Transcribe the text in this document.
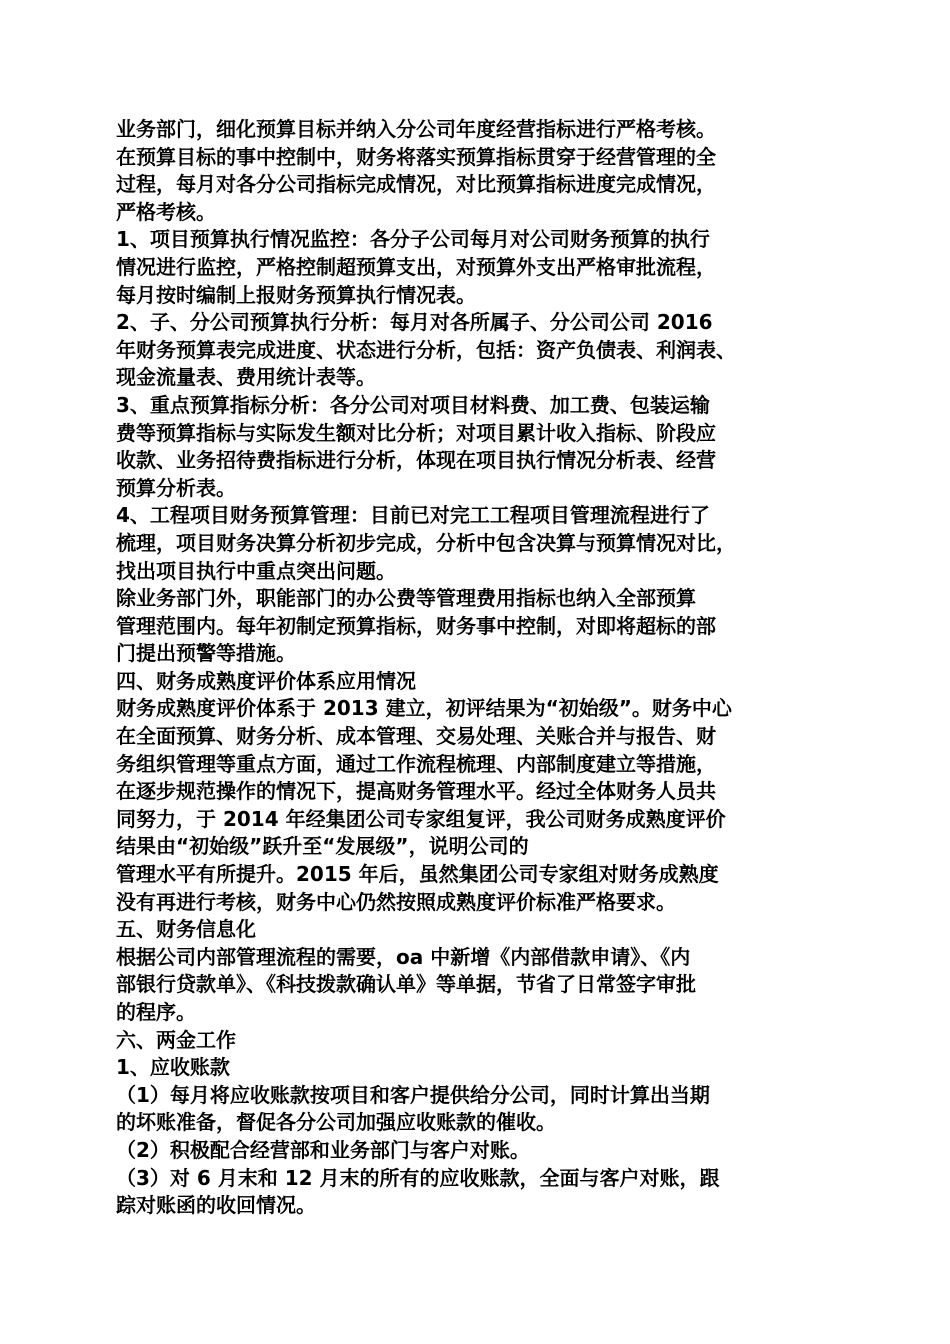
业务部门，细化预算目标并纳入分公司年度经营指标进行严格考核。
在预算目标的事中控制中，财务将落实预算指标贯穿于经营管理的全
过程，每月对各分公司指标完成情况，对比预算指标进度完成情况，
严格考核。
1、项目预算执行情况监控：各分子公司每月对公司财务预算的执行
情况进行监控，严格控制超预算支出，对预算外支出严格审批流程，
每月按时编制上报财务预算执行情况表。
2、子、分公司预算执行分析：每月对各所属子、分公司公司 2016
年财务预算表完成进度、状态进行分析，包括：资产负债表、利润表、
现金流量表、费用统计表等。
3、重点预算指标分析：各分公司对项目材料费、加工费、包装运输
费等预算指标与实际发生额对比分析；对项目累计收入指标、阶段应
收款、业务招待费指标进行分析，体现在项目执行情况分析表、经营
预算分析表。
4、工程项目财务预算管理：目前已对完工工程项目管理流程进行了
梳理，项目财务决算分析初步完成，分析中包含决算与预算情况对比，
找出项目执行中重点突出问题。
除业务部门外，职能部门的办公费等管理费用指标也纳入全部预算
管理范围内。每年初制定预算指标，财务事中控制，对即将超标的部
门提出预警等措施。
四、财务成熟度评价体系应用情况
财务成熟度评价体系于 2013 建立，初评结果为“初始级”。财务中心
在全面预算、财务分析、成本管理、交易处理、关账合并与报告、财
务组织管理等重点方面，通过工作流程梳理、内部制度建立等措施，
在逐步规范操作的情况下，提高财务管理水平。经过全体财务人员共
同努力，于 2014 年经集团公司专家组复评，我公司财务成熟度评价
结果由“初始级”跃升至“发展级”，说明公司的
管理水平有所提升。2015 年后，虽然集团公司专家组对财务成熟度
没有再进行考核，财务中心仍然按照成熟度评价标准严格要求。
五、财务信息化
根据公司内部管理流程的需要，oa 中新增《内部借款申请》、《内
部银行贷款单》、《科技拨款确认单》等单据，节省了日常签字审批
的程序。
六、两金工作
1、应收账款
（1）每月将应收账款按项目和客户提供给分公司，同时计算出当期
的坏账准备，督促各分公司加强应收账款的催收。
（2）积极配合经营部和业务部门与客户对账。
（3）对 6 月末和 12 月末的所有的应收账款，全面与客户对账，跟
踪对账函的收回情况。
